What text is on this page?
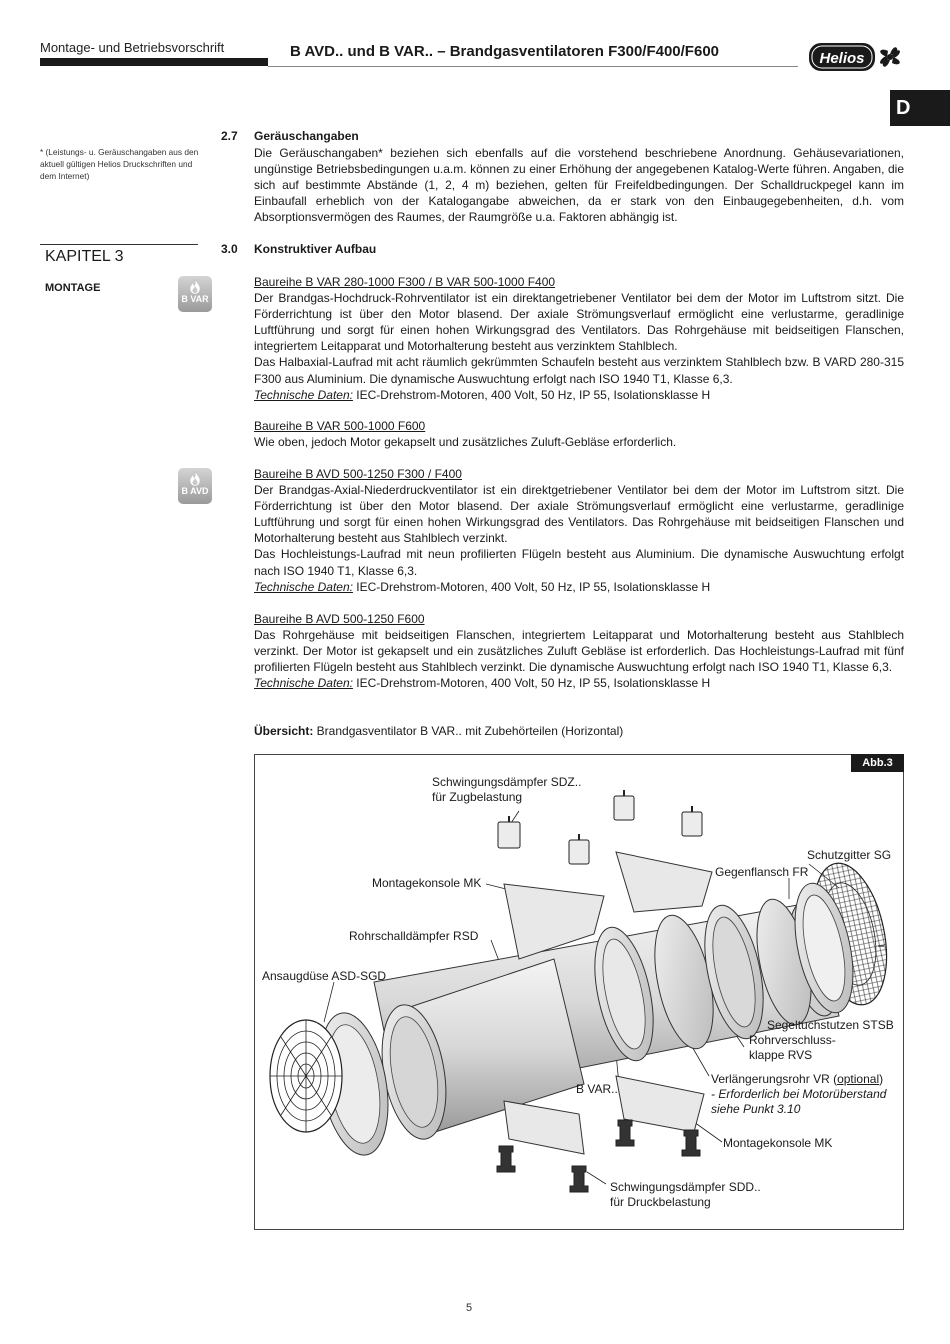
Montage- und Betriebsvorschrift	B AVD.. und B VAR.. – Brandgasventilatoren F300/F400/F600	Helios
D
* (Leistungs- u. Geräuschangaben aus den aktuell gültigen Helios Druckschriften und dem Internet)
KAPITEL 3
MONTAGE
B VAR
B AVD
2.7 Geräuschangaben
Die Geräuschangaben* beziehen sich ebenfalls auf die vorstehend beschriebene Anordnung. Gehäusevariationen, ungünstige Betriebsbedingungen u.a.m. können zu einer Erhöhung der angegebenen Katalog-Werte führen. Angaben, die sich auf bestimmte Abstände (1, 2, 4 m) beziehen, gelten für Freifeldbedingungen. Der Schalldruckpegel kann im Einbaufall erheblich von der Katalogangabe abweichen, da er stark von den Einbaugegebenheiten, d.h. vom Absorptionsvermögen des Raumes, der Raumgröße u.a. Faktoren abhängig ist.
3.0 Konstruktiver Aufbau
Baureihe B VAR 280-1000 F300 / B VAR 500-1000 F400
Der Brandgas-Hochdruck-Rohrventilator ist ein direktangetriebener Ventilator bei dem der Motor im Luftstrom sitzt. Die Förderrichtung ist über den Motor blasend. Der axiale Strömungsverlauf ermöglicht eine verlustarme, geradlinige Luftführung und sorgt für einen hohen Wirkungsgrad des Ventilators. Das Rohrgehäuse mit beidseitigen Flanschen, integriertem Leitapparat und Motorhalterung besteht aus verzinktem Stahlblech.
Das Halbaxial-Laufrad mit acht räumlich gekrümmten Schaufeln besteht aus verzinktem Stahlblech bzw. B VARD 280-315 F300 aus Aluminium. Die dynamische Auswuchtung erfolgt nach ISO 1940 T1, Klasse 6,3.
Technische Daten: IEC-Drehstrom-Motoren, 400 Volt, 50 Hz, IP 55, Isolationsklasse H
Baureihe B VAR 500-1000 F600
Wie oben, jedoch Motor gekapselt und zusätzliches Zuluft-Gebläse erforderlich.
Baureihe B AVD 500-1250 F300 / F400
Der Brandgas-Axial-Niederdruckventilator ist ein direktgetriebener Ventilator bei dem der Motor im Luftstrom sitzt. Die Förderrichtung ist über den Motor blasend. Der axiale Strömungsverlauf ermöglicht eine verlustarme, geradlinige Luftführung und sorgt für einen hohen Wirkungsgrad des Ventilators. Das Rohrgehäuse mit beidseitigen Flanschen und Motorhalterung besteht aus Stahlblech verzinkt.
Das Hochleistungs-Laufrad mit neun profilierten Flügeln besteht aus Aluminium. Die dynamische Auswuchtung erfolgt nach ISO 1940 T1, Klasse 6,3.
Technische Daten: IEC-Drehstrom-Motoren, 400 Volt, 50 Hz, IP 55, Isolationsklasse H
Baureihe B AVD 500-1250 F600
Das Rohrgehäuse mit beidseitigen Flanschen, integriertem Leitapparat und Motorhalterung besteht aus Stahlblech verzinkt. Der Motor ist gekapselt und ein zusätzliches Zuluft Gebläse ist erforderlich. Das Hochleistungs-Laufrad mit fünf profilierten Flügeln besteht aus Stahlblech verzinkt. Die dynamische Auswuchtung erfolgt nach ISO 1940 T1, Klasse 6,3.
Technische Daten: IEC-Drehstrom-Motoren, 400 Volt, 50 Hz, IP 55, Isolationsklasse H
Übersicht: Brandgasventilator B VAR.. mit Zubehörteilen (Horizontal)
Abb.3
Schwingungsdämpfer SDZ..
für Zugbelastung
Montagekonsole MK
Schutzgitter SG
Gegenflansch FR
Rohrschalldämpfer RSD
Ansaugdüse ASD-SGD
Segeltuchstutzen STSB
Rohrverschluss-
klappe RVS
B VAR..
Verlängerungsrohr VR (optional)
- Erforderlich bei Motorüberstand
siehe Punkt 3.10
Montagekonsole MK
Schwingungsdämpfer SDD..
für Druckbelastung
5
